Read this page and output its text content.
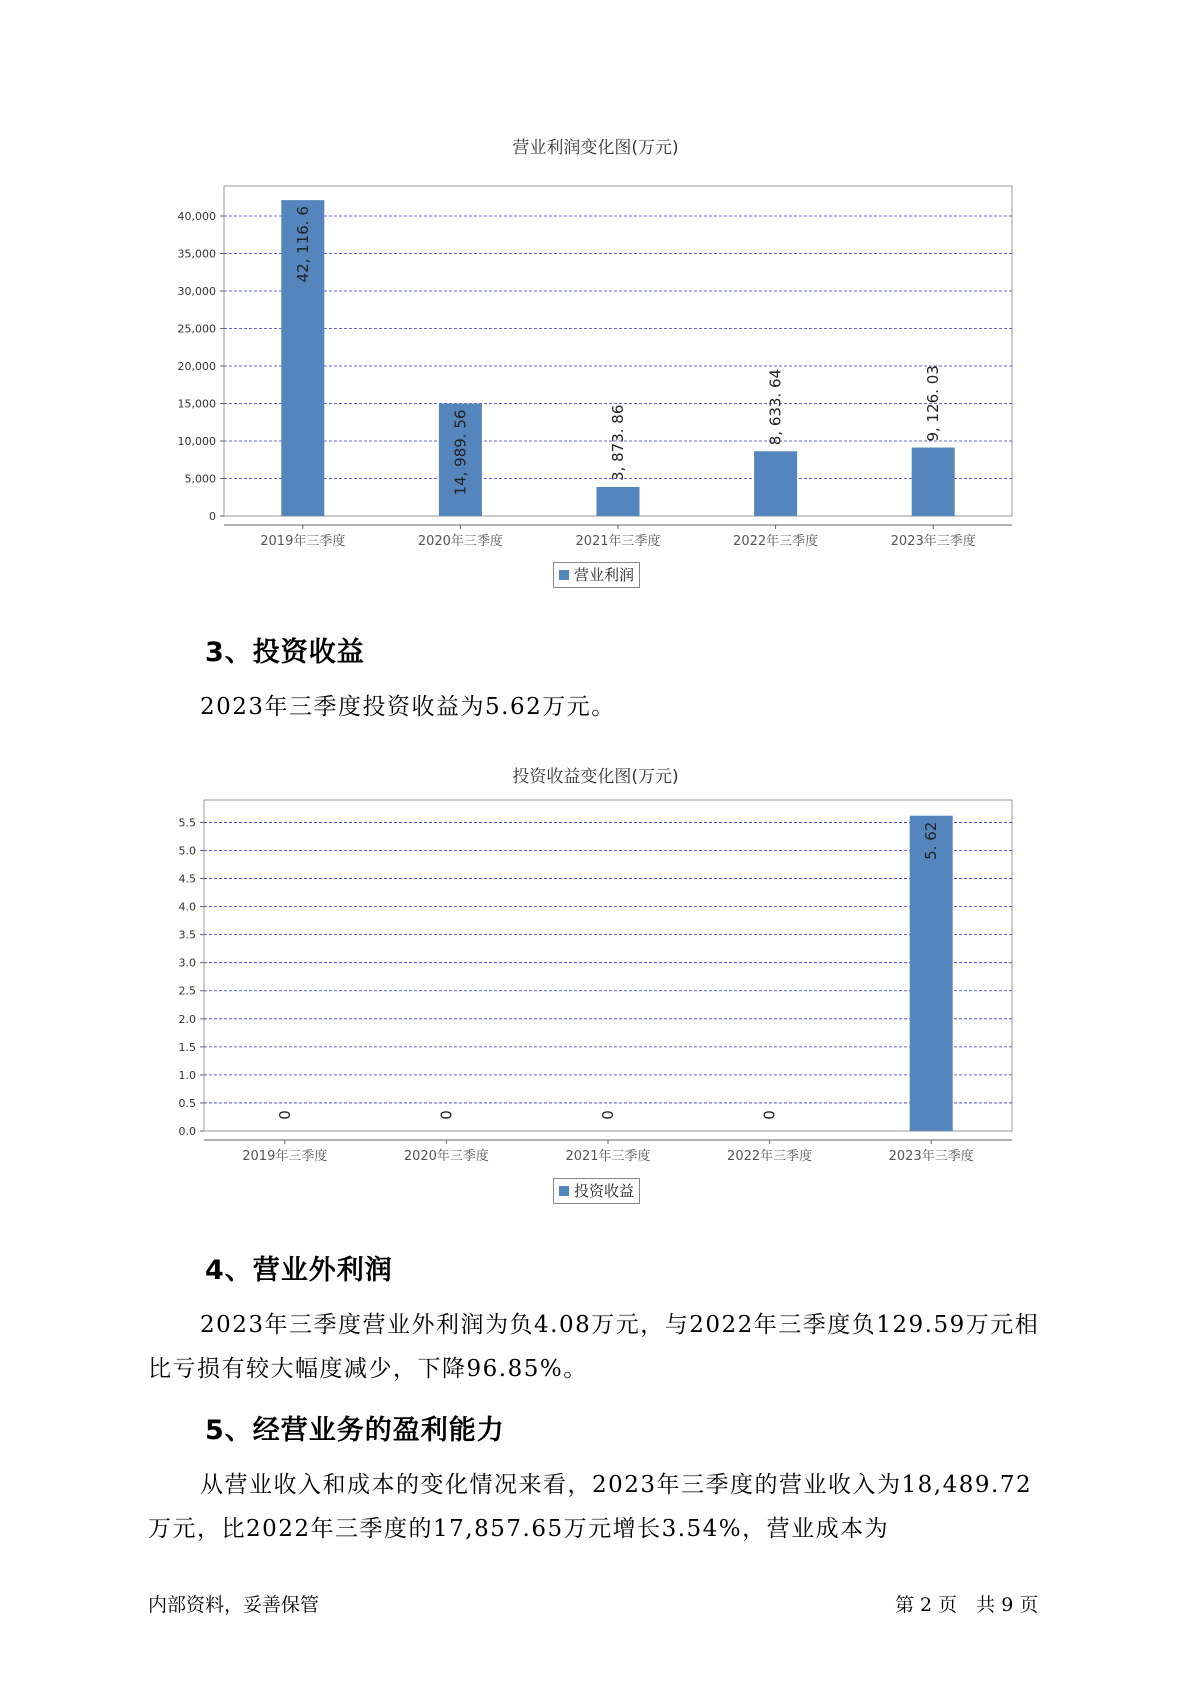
营业利润变化图(万元)
0
5,000
10,000
15,000
20,000
25,000
30,000
35,000
40,000
2019年三季度
42, 116. 6
2020年三季度
14, 989. 56
2021年三季度
3, 873. 86
2022年三季度
8, 633. 64
2023年三季度
9, 126. 03
营业利润
3、投资收益

2023年三季度投资收益为5.62万元。

投资收益变化图(万元)
0.0
0.5
1.0
1.5
2.0
2.5
3.0
3.5
4.0
4.5
5.0
5.5
2019年三季度
0
2020年三季度
0
2021年三季度
0
2022年三季度
0
2023年三季度
5. 62
投资收益
4、营业外利润

2023年三季度营业外利润为负4.08万元，与2022年三季度负129.59万元相比亏损有较大幅度减少，下降96.85%。

5、经营业务的盈利能力

从营业收入和成本的变化情况来看，2023年三季度的营业收入为18,489.72万元，比2022年三季度的17,857.65万元增长3.54%，营业成本为

内部资料，妥善保管	第 2 页　共 9 页
